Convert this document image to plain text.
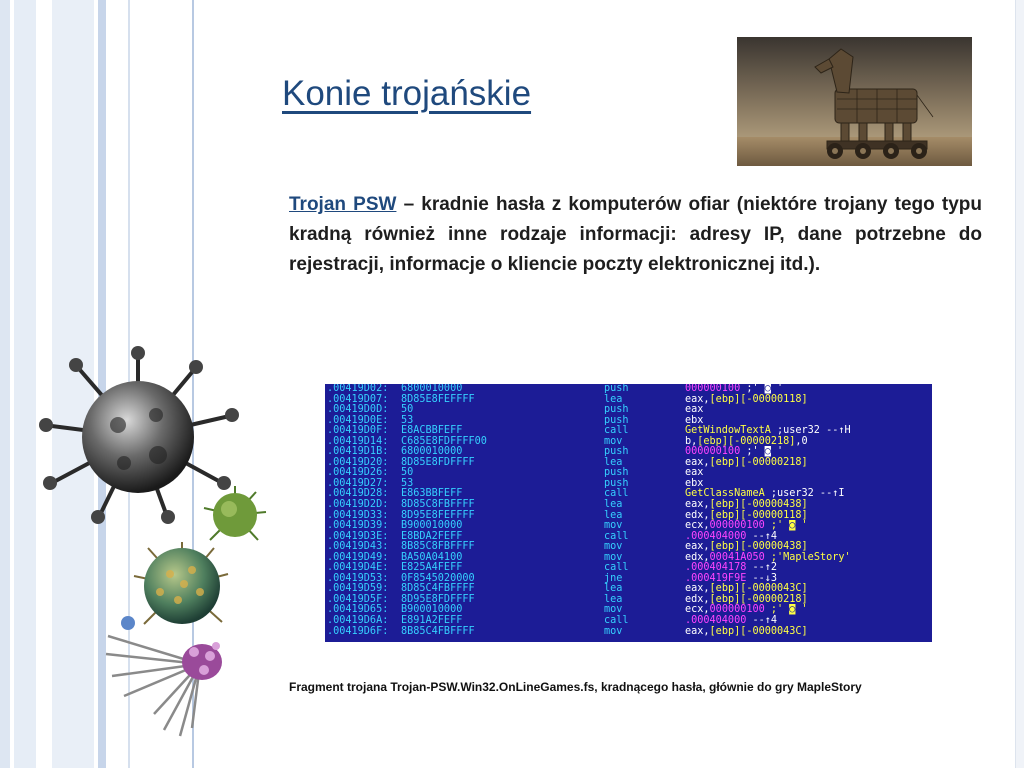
Konie trojańskie

Trojan PSW – kradnie hasła z komputerów ofiar (niektóre trojany tego typu kradną również inne rodzaje informacji: adresy IP, dane potrzebne do rejestracji, informacje o kliencie poczty elektronicznej itd.).

.00419D02: 6800010000	push	000000100 ;' ◙ '
.00419D07: 8D85E8FEFFFF	lea	eax,[ebp][-00000118]
.00419D0D: 50	push	eax
.00419D0E: 53	push	ebx
.00419D0F: E8ACBBFEFF	call	GetWindowTextA ;user32 --↑H
.00419D14: C685E8FDFFFF00	mov	b,[ebp][-00000218],0
.00419D1B: 6800010000	push	000000100 ;' ◙ '
.00419D20: 8D85E8FDFFFF	lea	eax,[ebp][-00000218]
.00419D26: 50	push	eax
.00419D27: 53	push	ebx
.00419D28: E863BBFEFF	call	GetClassNameA ;user32 --↑I
.00419D2D: 8D85C8FBFFFF	lea	eax,[ebp][-00000438]
.00419D33: 8D95E8FEFFFF	lea	edx,[ebp][-00000118]
.00419D39: B900010000	mov	ecx,000000100 ;' ◙ '
.00419D3E: E8BDA2FEFF	call	.000404000 --↑4
.00419D43: 8B85C8FBFFFF	mov	eax,[ebp][-00000438]
.00419D49: BA50A04100	mov	edx,00041A050 ;'MapleStory'
.00419D4E: E825A4FEFF	call	.000404178 --↑2
.00419D53: 0F8545020000	jne	.000419F9E --↓3
.00419D59: 8D85C4FBFFFF	lea	eax,[ebp][-0000043C]
.00419D5F: 8D95E8FDFFFF	lea	edx,[ebp][-00000218]
.00419D65: B900010000	mov	ecx,000000100 ;' ◙ '
.00419D6A: E891A2FEFF	call	.000404000 --↑4
.00419D6F: 8B85C4FBFFFF	mov	eax,[ebp][-0000043C]

Fragment trojana Trojan-PSW.Win32.OnLineGames.fs, kradnącego hasła, głównie do gry MapleStory
